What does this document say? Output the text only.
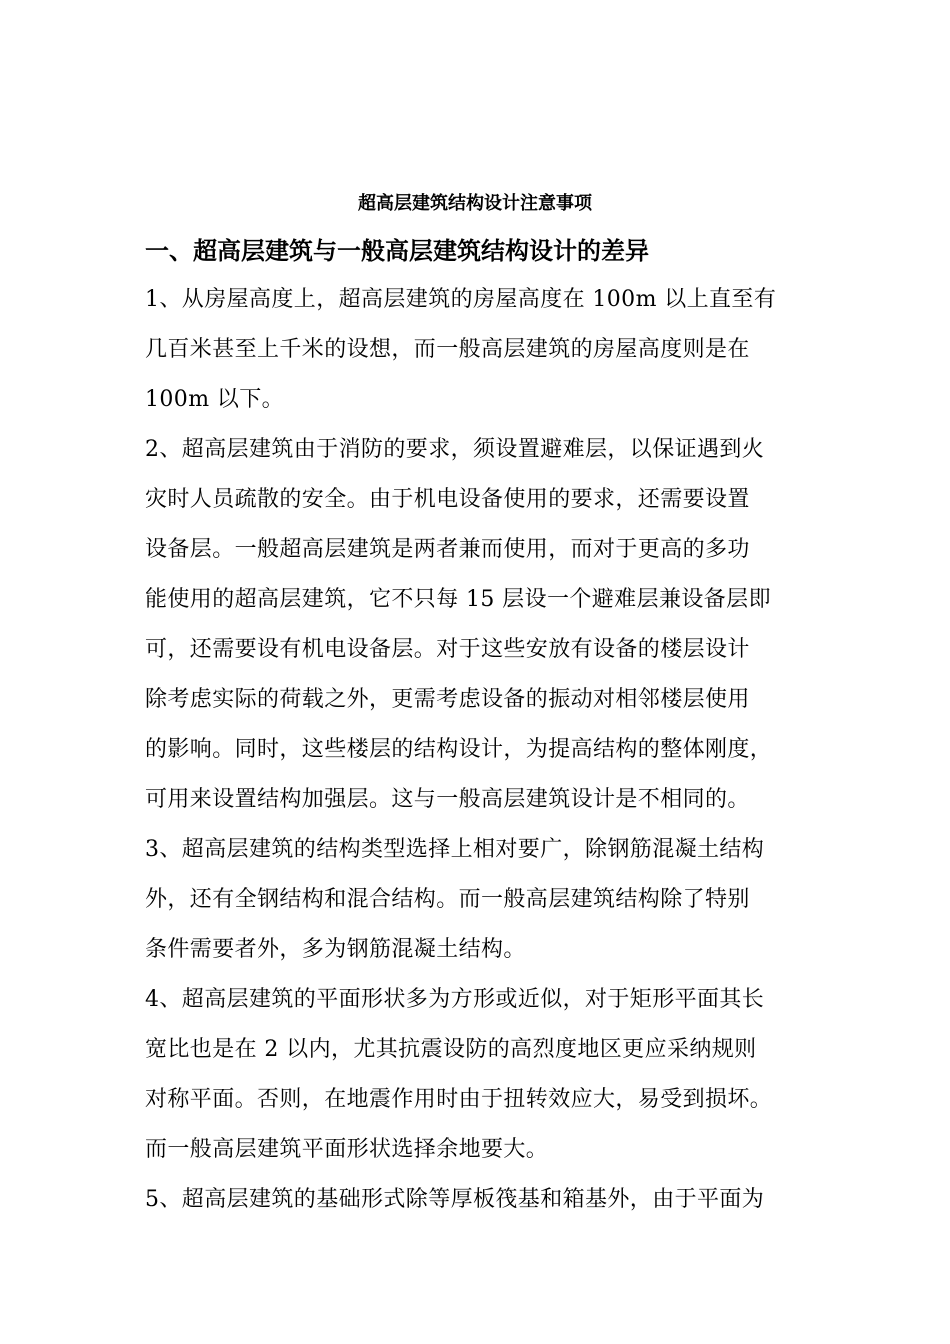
超高层建筑结构设计注意事项
一、超高层建筑与一般高层建筑结构设计的差异
1、从房屋高度上，超高层建筑的房屋高度在 100m 以上直至有
几百米甚至上千米的设想，而一般高层建筑的房屋高度则是在
100m 以下。
2、超高层建筑由于消防的要求，须设置避难层，以保证遇到火
灾时人员疏散的安全。由于机电设备使用的要求，还需要设置
设备层。一般超高层建筑是两者兼而使用，而对于更高的多功
能使用的超高层建筑，它不只每 15 层设一个避难层兼设备层即
可，还需要设有机电设备层。对于这些安放有设备的楼层设计
除考虑实际的荷载之外，更需考虑设备的振动对相邻楼层使用
的影响。同时，这些楼层的结构设计，为提高结构的整体刚度，
可用来设置结构加强层。这与一般高层建筑设计是不相同的。
3、超高层建筑的结构类型选择上相对要广，除钢筋混凝土结构
外，还有全钢结构和混合结构。而一般高层建筑结构除了特别
条件需要者外，多为钢筋混凝土结构。
4、超高层建筑的平面形状多为方形或近似，对于矩形平面其长
宽比也是在 2 以内，尤其抗震设防的高烈度地区更应采纳规则
对称平面。否则，在地震作用时由于扭转效应大，易受到损坏。
而一般高层建筑平面形状选择余地要大。
5、超高层建筑的基础形式除等厚板筏基和箱基外，由于平面为
